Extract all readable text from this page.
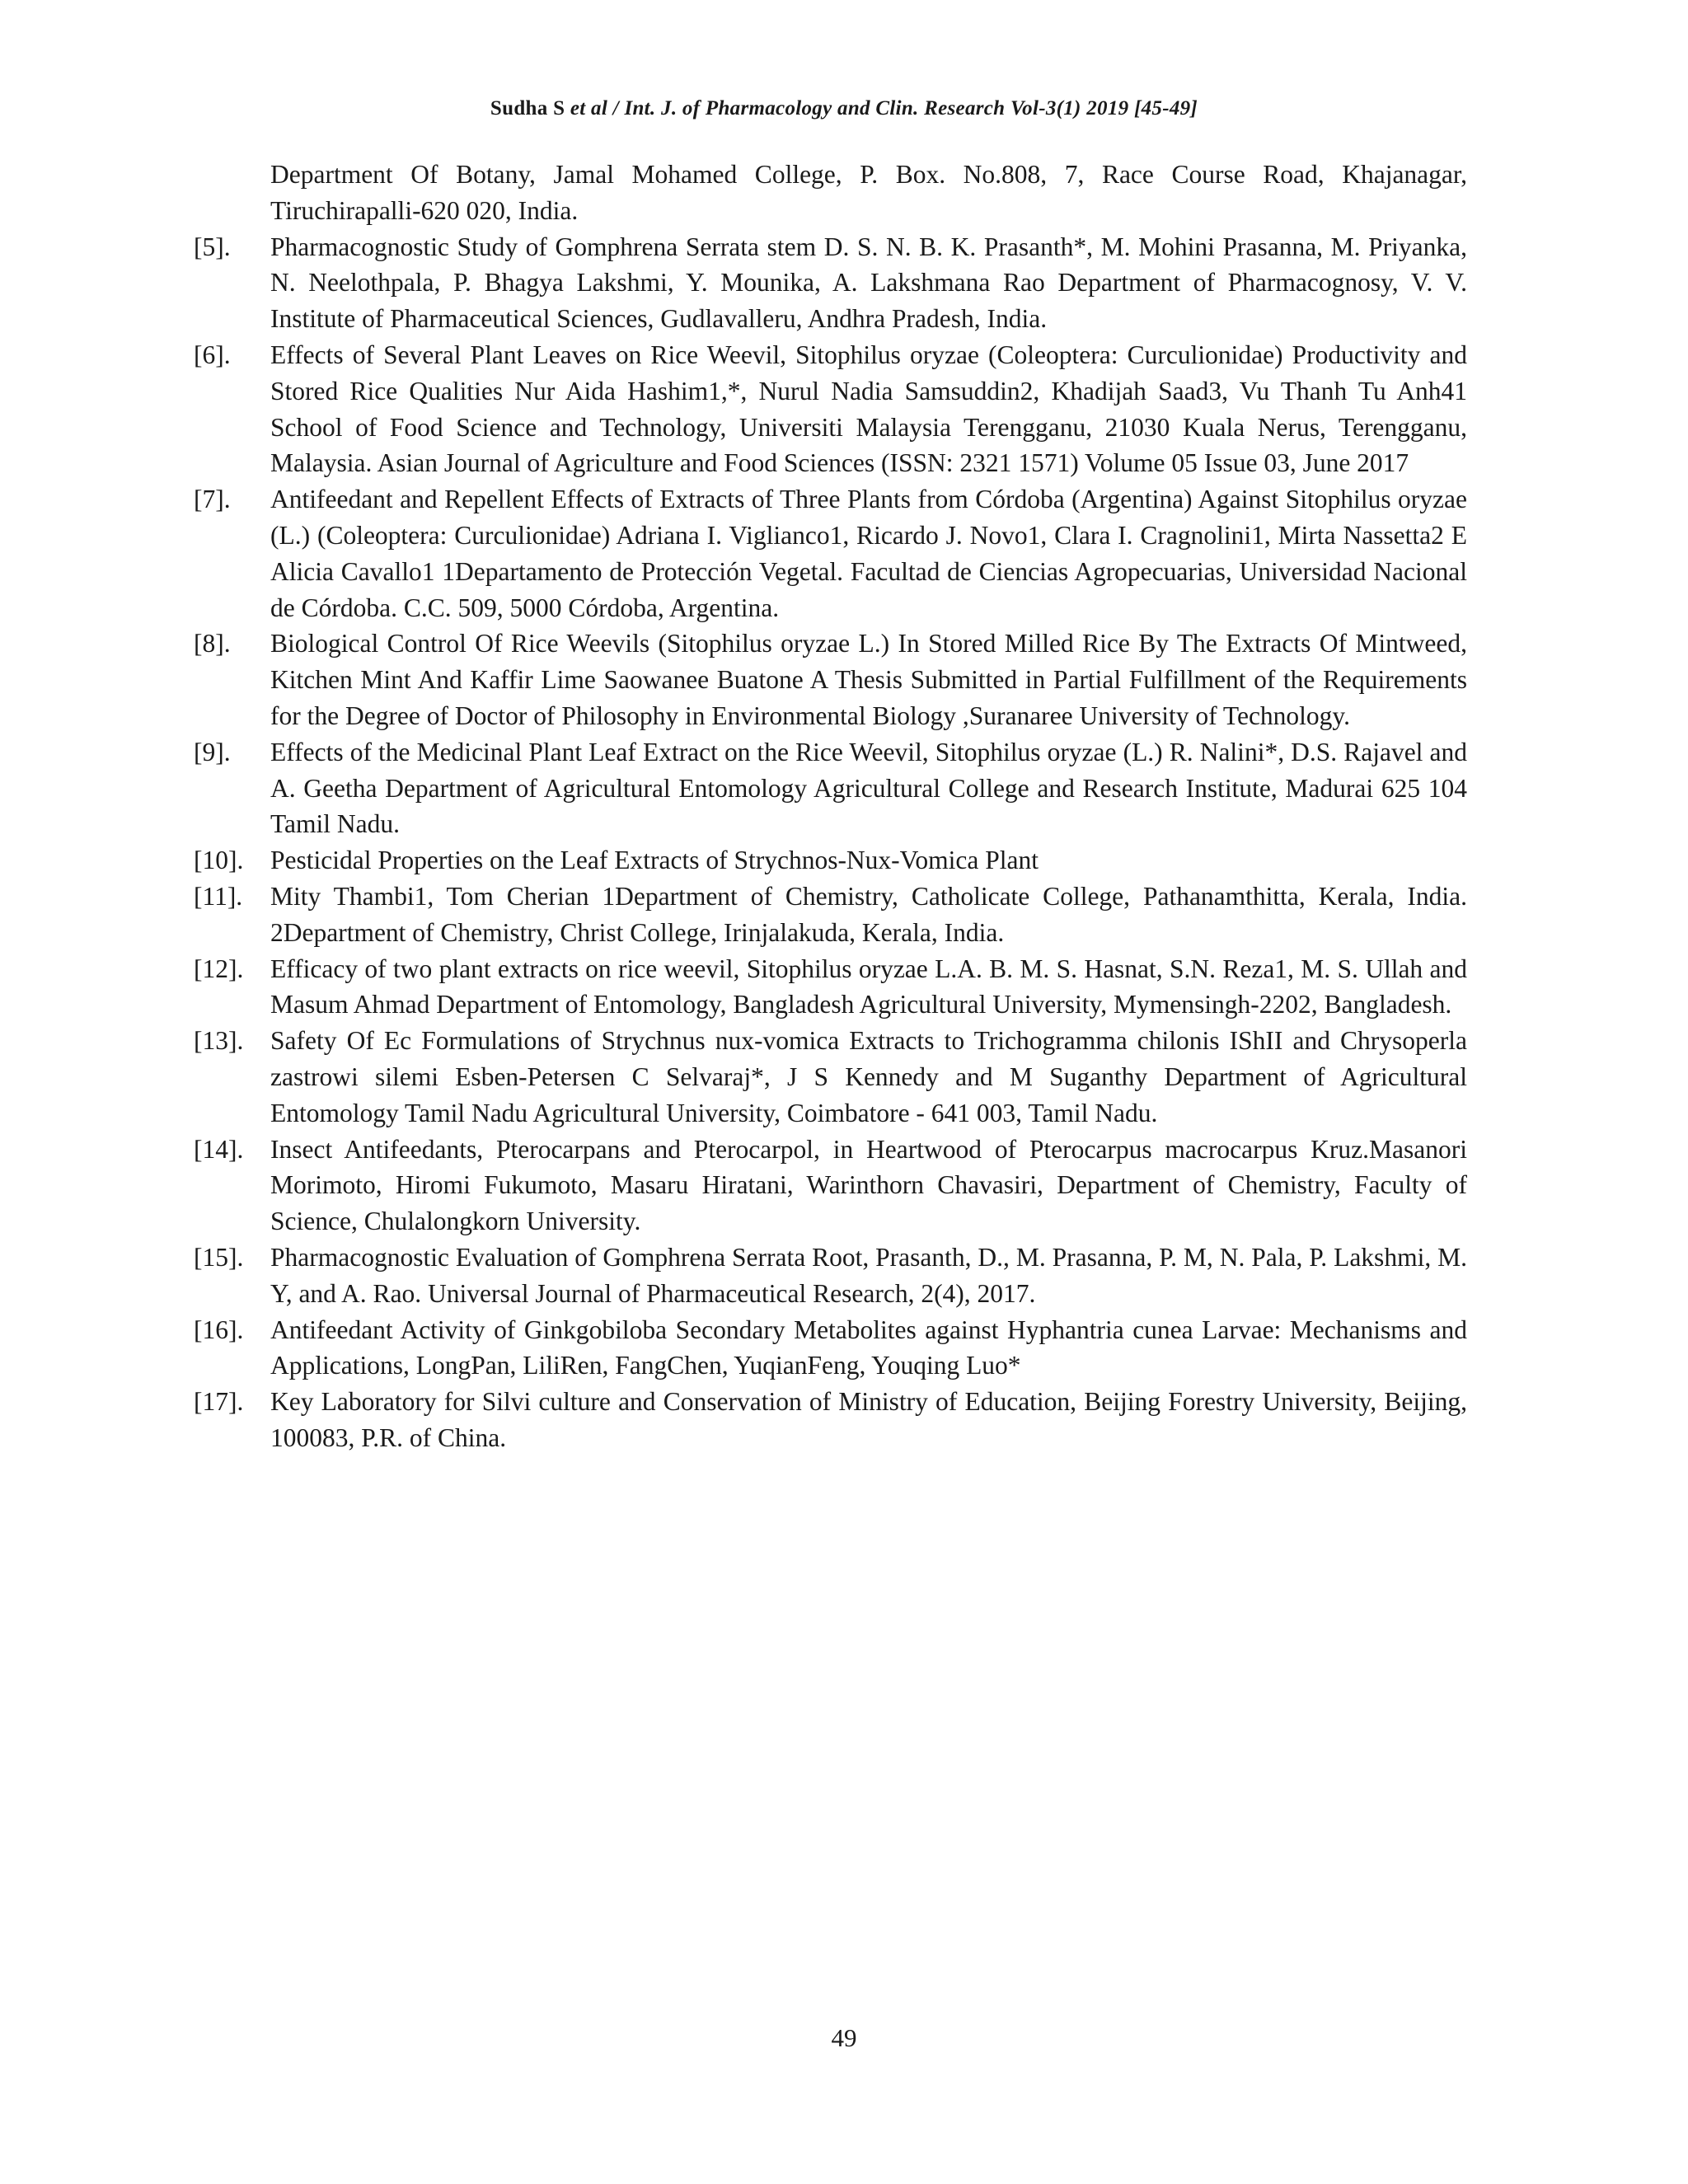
Sudha S et al / Int. J. of Pharmacology and Clin. Research Vol-3(1) 2019 [45-49]
Department Of Botany, Jamal Mohamed College, P. Box. No.808, 7, Race Course Road, Khajanagar, Tiruchirapalli-620 020, India.
[5]. Pharmacognostic Study of Gomphrena Serrata stem D. S. N. B. K. Prasanth*, M. Mohini Prasanna, M. Priyanka, N. Neelothpala, P. Bhagya Lakshmi, Y. Mounika, A. Lakshmana Rao Department of Pharmacognosy, V. V. Institute of Pharmaceutical Sciences, Gudlavalleru, Andhra Pradesh, India.
[6]. Effects of Several Plant Leaves on Rice Weevil, Sitophilus oryzae (Coleoptera: Curculionidae) Productivity and Stored Rice Qualities Nur Aida Hashim1,*, Nurul Nadia Samsuddin2, Khadijah Saad3, Vu Thanh Tu Anh41 School of Food Science and Technology, Universiti Malaysia Terengganu, 21030 Kuala Nerus, Terengganu, Malaysia. Asian Journal of Agriculture and Food Sciences (ISSN: 2321 1571) Volume 05 Issue 03, June 2017
[7]. Antifeedant and Repellent Effects of Extracts of Three Plants from Córdoba (Argentina) Against Sitophilus oryzae (L.) (Coleoptera: Curculionidae) Adriana I. Viglianco1, Ricardo J. Novo1, Clara I. Cragnolini1, Mirta Nassetta2 E Alicia Cavallo1 1Departamento de Protección Vegetal. Facultad de Ciencias Agropecuarias, Universidad Nacional de Córdoba. C.C. 509, 5000 Córdoba, Argentina.
[8]. Biological Control Of Rice Weevils (Sitophilus oryzae L.) In Stored Milled Rice By The Extracts Of Mintweed, Kitchen Mint And Kaffir Lime Saowanee Buatone A Thesis Submitted in Partial Fulfillment of the Requirements for the Degree of Doctor of Philosophy in Environmental Biology ,Suranaree University of Technology.
[9]. Effects of the Medicinal Plant Leaf Extract on the Rice Weevil, Sitophilus oryzae (L.) R. Nalini*, D.S. Rajavel and A. Geetha Department of Agricultural Entomology Agricultural College and Research Institute, Madurai 625 104 Tamil Nadu.
[10]. Pesticidal Properties on the Leaf Extracts of Strychnos-Nux-Vomica Plant
[11]. Mity Thambi1, Tom Cherian 1Department of Chemistry, Catholicate College, Pathanamthitta, Kerala, India. 2Department of Chemistry, Christ College, Irinjalakuda, Kerala, India.
[12]. Efficacy of two plant extracts on rice weevil, Sitophilus oryzae L.A. B. M. S. Hasnat, S.N. Reza1, M. S. Ullah and Masum Ahmad Department of Entomology, Bangladesh Agricultural University, Mymensingh-2202, Bangladesh.
[13]. Safety Of Ec Formulations of Strychnus nux-vomica Extracts to Trichogramma chilonis IShII and Chrysoperla zastrowi silemi Esben-Petersen C Selvaraj*, J S Kennedy and M Suganthy Department of Agricultural Entomology Tamil Nadu Agricultural University, Coimbatore - 641 003, Tamil Nadu.
[14]. Insect Antifeedants, Pterocarpans and Pterocarpol, in Heartwood of Pterocarpus macrocarpus Kruz.Masanori Morimoto, Hiromi Fukumoto, Masaru Hiratani, Warinthorn Chavasiri, Department of Chemistry, Faculty of Science, Chulalongkorn University.
[15]. Pharmacognostic Evaluation of Gomphrena Serrata Root, Prasanth, D., M. Prasanna, P. M, N. Pala, P. Lakshmi, M. Y, and A. Rao. Universal Journal of Pharmaceutical Research, 2(4), 2017.
[16]. Antifeedant Activity of Ginkgobiloba Secondary Metabolites against Hyphantria cunea Larvae: Mechanisms and Applications, LongPan, LiliRen, FangChen, YuqianFeng, Youqing Luo*
[17]. Key Laboratory for Silvi culture and Conservation of Ministry of Education, Beijing Forestry University, Beijing, 100083, P.R. of China.
49
